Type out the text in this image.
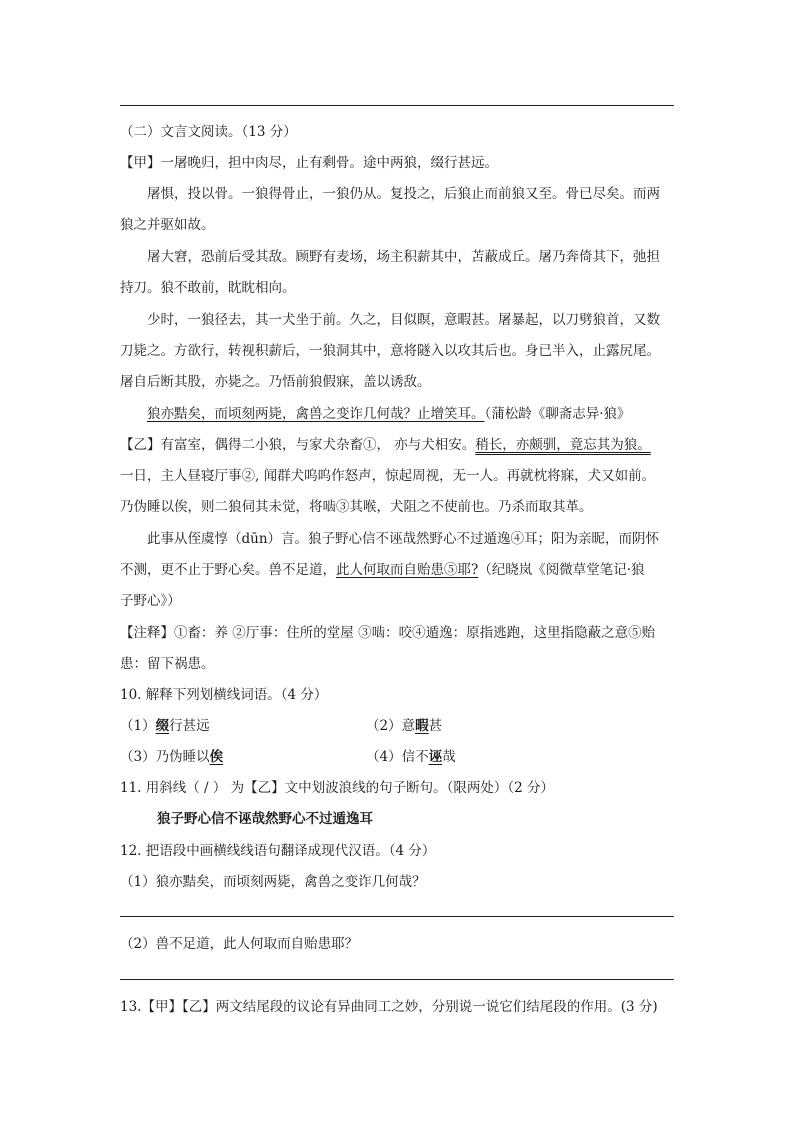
（二）文言文阅读。（13 分）
【甲】一屠晚归，担中肉尽，止有剩骨。途中两狼，缀行甚远。
屠惧，投以骨。一狼得骨止，一狼仍从。复投之，后狼止而前狼又至。骨已尽矣。而两
狼之并驱如故。
屠大窘，恐前后受其敌。顾野有麦场，场主积薪其中，苫蔽成丘。屠乃奔倚其下，弛担
持刀。狼不敢前，眈眈相向。
少时，一狼径去，其一犬坐于前。久之，目似瞑，意暇甚。屠暴起，以刀劈狼首，又数
刀毙之。方欲行，转视积薪后，一狼洞其中，意将隧入以攻其后也。身已半入，止露尻尾。
屠自后断其股，亦毙之。乃悟前狼假寐，盖以诱敌。
狼亦黠矣，而顷刻两毙，禽兽之变诈几何哉？止增笑耳。（蒲松龄《聊斋志异·狼》
【乙】有富室，偶得二小狼，与家犬杂畜①， 亦与犬相安。稍长，亦颇驯，竟忘其为狼。
一日，主人昼寝厅事②, 闻群犬呜呜作怒声，惊起周视，无一人。再就枕将寐，犬又如前。
乃伪睡以俟，则二狼伺其未觉，将啮③其喉，犬阻之不使前也。乃杀而取其革。
此事从侄虞惇（dūn）言。狼子野心信不诬哉然野心不过遁逸④耳；阳为亲昵，而阴怀
不测，更不止于野心矣。兽不足道，此人何取而自贻患⑤耶?（纪晓岚《阅微草堂笔记·狼
子野心》）
【注释】①畜：养 ②厅事：住所的堂屋 ③啮：咬④遁逸：原指逃跑，这里指隐蔽之意⑤贻
患：留下祸患。
10. 解释下列划横线词语。（4 分）
（1）缀行甚远	（2）意暇甚
（3）乃伪睡以俟	（4）信不诬哉
11. 用斜线（ / ） 为【乙】文中划波浪线的句子断句。（限两处）（2 分）
狼子野心信不诬哉然野心不过遁逸耳
12. 把语段中画横线线语句翻译成现代汉语。（4 分）
（1）狼亦黠矣，而顷刻两毙，禽兽之变诈几何哉？
（2）兽不足道，此人何取而自贻患耶？
13.【甲】【乙】两文结尾段的议论有异曲同工之妙，分别说一说它们结尾段的作用。(3 分)
